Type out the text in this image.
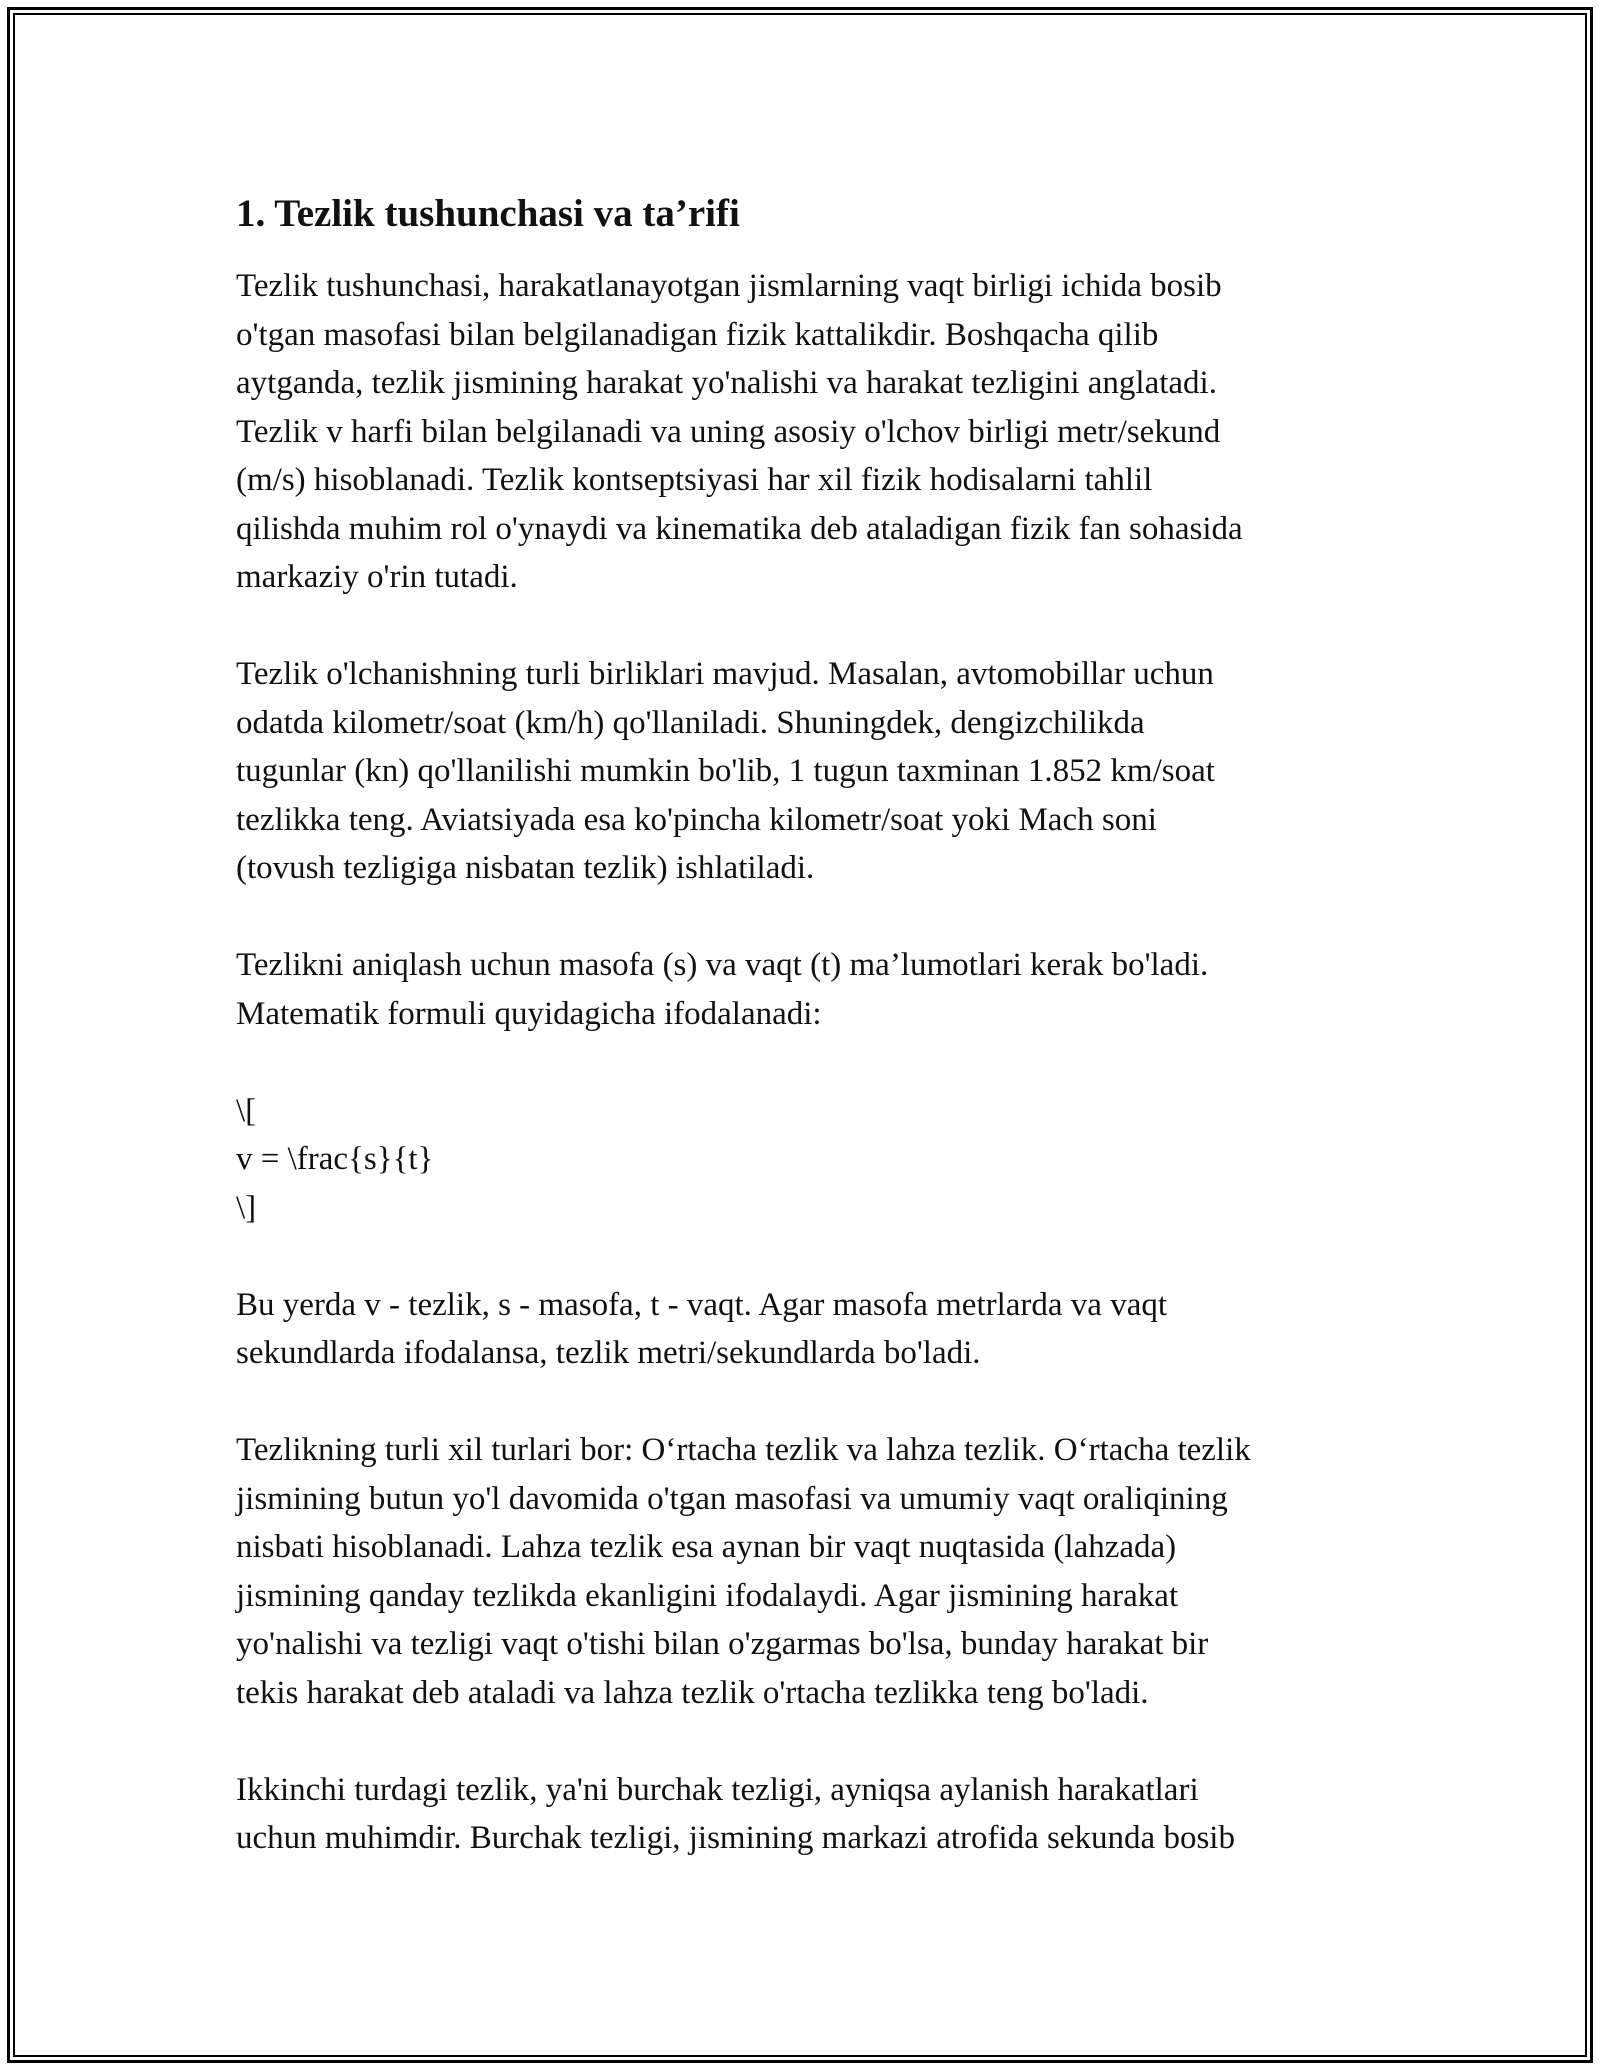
1. Tezlik tushunchasi va ta’rifi

Tezlik tushunchasi, harakatlanayotgan jismlarning vaqt birligi ichida bosib
o'tgan masofasi bilan belgilanadigan fizik kattalikdir. Boshqacha qilib
aytganda, tezlik jismining harakat yo'nalishi va harakat tezligini anglatadi.
Tezlik v harfi bilan belgilanadi va uning asosiy o'lchov birligi metr/sekund
(m/s) hisoblanadi. Tezlik kontseptsiyasi har xil fizik hodisalarni tahlil
qilishda muhim rol o'ynaydi va kinematika deb ataladigan fizik fan sohasida
markaziy o'rin tutadi.

Tezlik o'lchanishning turli birliklari mavjud. Masalan, avtomobillar uchun
odatda kilometr/soat (km/h) qo'llaniladi. Shuningdek, dengizchilikda
tugunlar (kn) qo'llanilishi mumkin bo'lib, 1 tugun taxminan 1.852 km/soat
tezlikka teng. Aviatsiyada esa ko'pincha kilometr/soat yoki Mach soni
(tovush tezligiga nisbatan tezlik) ishlatiladi.

Tezlikni aniqlash uchun masofa (s) va vaqt (t) ma’lumotlari kerak bo'ladi.
Matematik formuli quyidagicha ifodalanadi:

\[
v = \frac{s}{t}
\]

Bu yerda v - tezlik, s - masofa, t - vaqt. Agar masofa metrlarda va vaqt
sekundlarda ifodalansa, tezlik metri/sekundlarda bo'ladi.

Tezlikning turli xil turlari bor: O‘rtacha tezlik va lahza tezlik. O‘rtacha tezlik
jismining butun yo'l davomida o'tgan masofasi va umumiy vaqt oraliqining
nisbati hisoblanadi. Lahza tezlik esa aynan bir vaqt nuqtasida (lahzada)
jismining qanday tezlikda ekanligini ifodalaydi. Agar jismining harakat
yo'nalishi va tezligi vaqt o'tishi bilan o'zgarmas bo'lsa, bunday harakat bir
tekis harakat deb ataladi va lahza tezlik o'rtacha tezlikka teng bo'ladi.

Ikkinchi turdagi tezlik, ya'ni burchak tezligi, ayniqsa aylanish harakatlari
uchun muhimdir. Burchak tezligi, jismining markazi atrofida sekunda bosib
